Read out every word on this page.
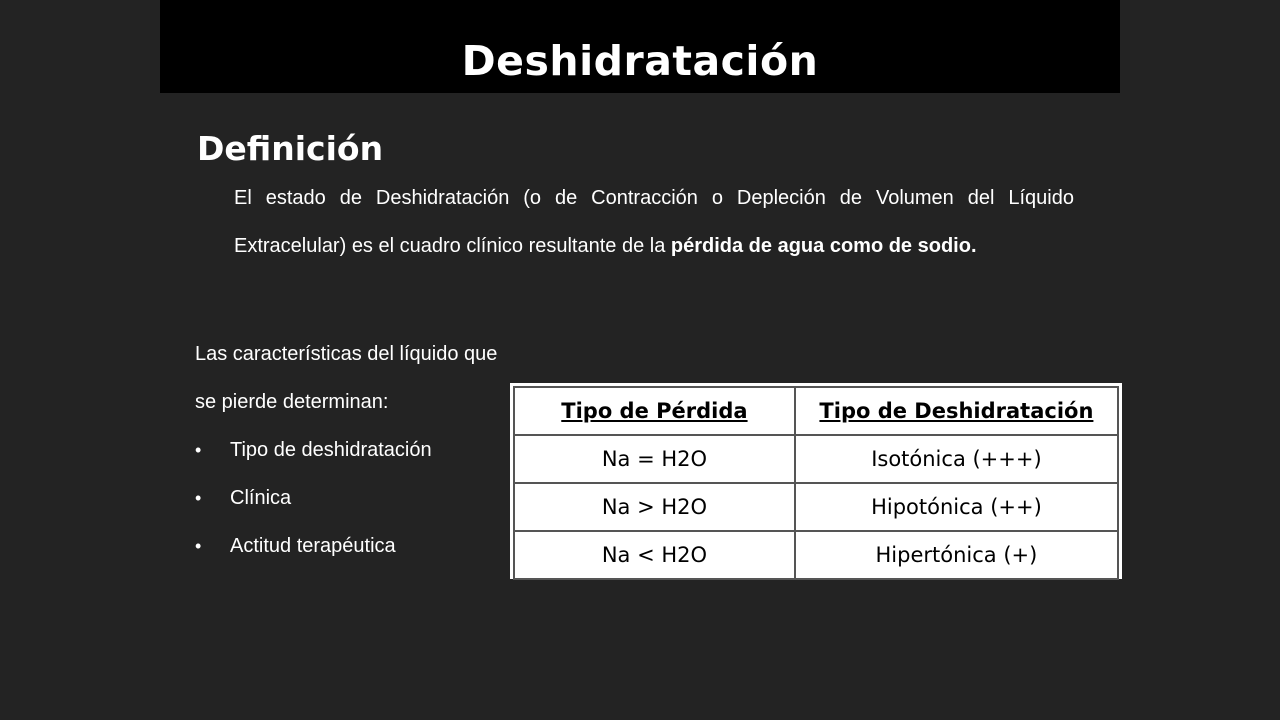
Deshidratación
Definición

El estado de Deshidratación (o de Contracción o Depleción de Volumen del Líquido Extracelular) es el cuadro clínico resultante de la pérdida de agua como de sodio.

Las características del líquido que
se pierde determinan:

•	Tipo de deshidratación
•	Clínica
•	Actitud terapéutica
Tipo de Pérdida	Tipo de Deshidratación
Na = H2O	Isotónica (+++)
Na > H2O	Hipotónica (++)
Na < H2O	Hipertónica (+)
